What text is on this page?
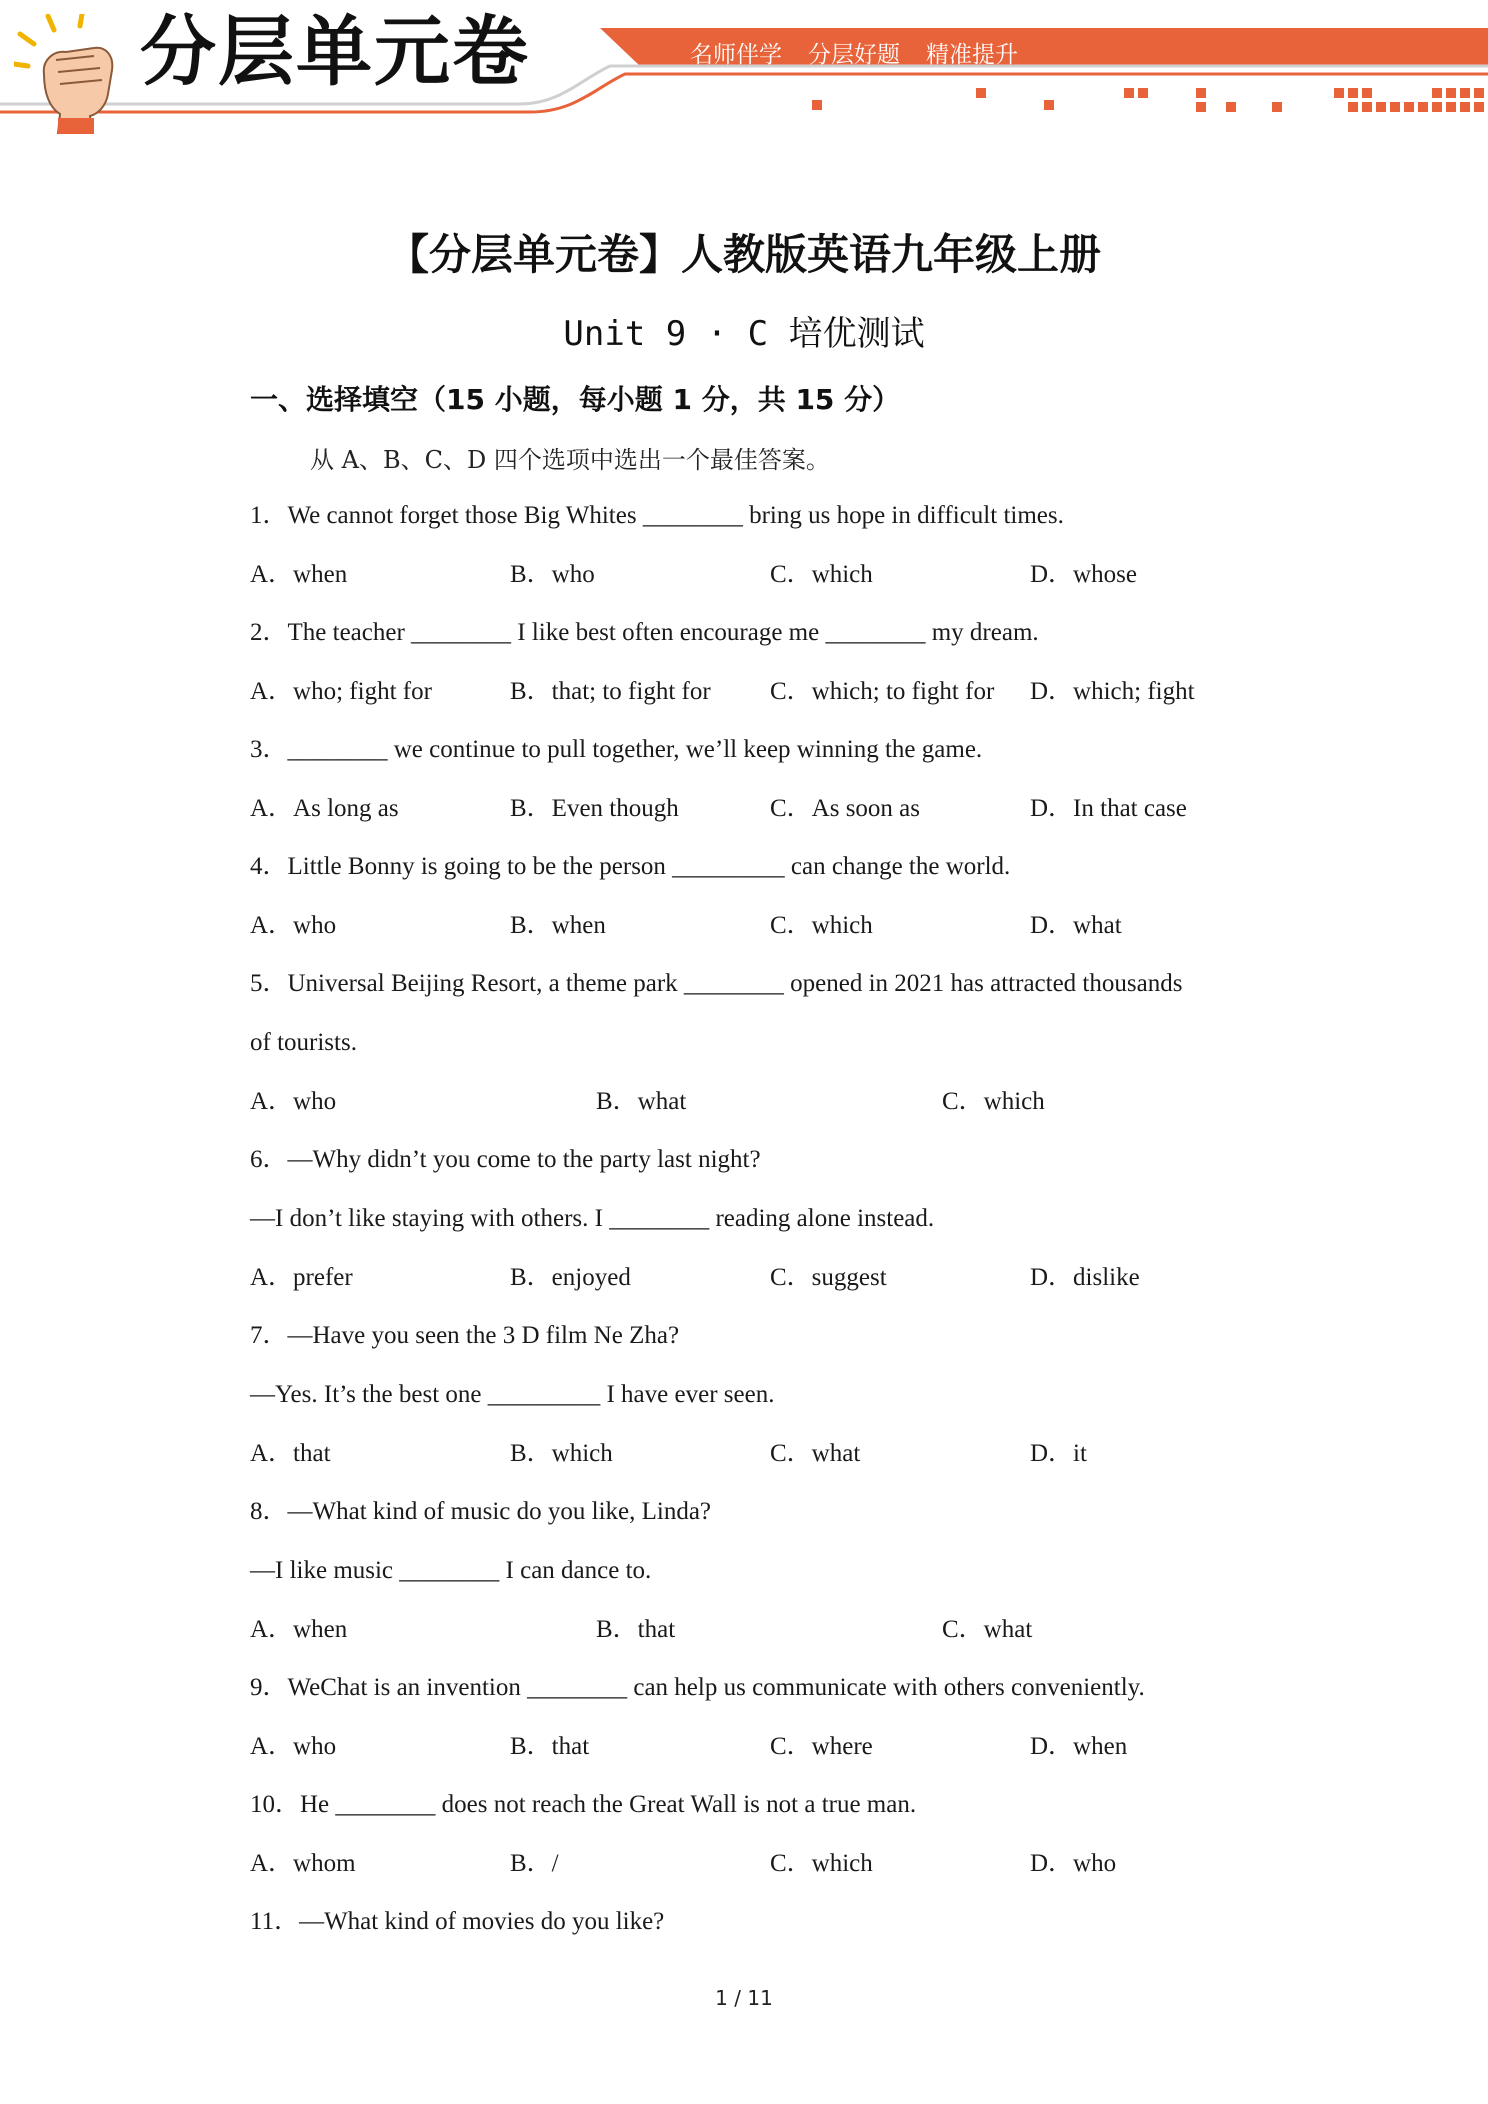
分层单元卷	名师伴学 分层好题 精准提升
【分层单元卷】人教版英语九年级上册
Unit 9 · C 培优测试
一、选择填空（15 小题，每小题 1 分，共 15 分）
从 A、B、C、D 四个选项中选出一个最佳答案。
1．We cannot forget those Big Whites ________ bring us hope in difficult times.
A．when	B．who	C．which	D．whose
2．The teacher ________ I like best often encourage me ________ my dream.
A．who; fight for	B．that; to fight for C．which; to fight for D．which; fight
3．________ we continue to pull together, we’ll keep winning the game.
A．As long as	B．Even though	C．As soon as	D．In that case
4．Little Bonny is going to be the person _________ can change the world.
A．who	B．when	C．which	D．what
5．Universal Beijing Resort, a theme park ________ opened in 2021 has attracted thousands
of tourists.
A．who	B．what	C．which
6．—Why didn’t you come to the party last night?
—I don’t like staying with others. I ________ reading alone instead.
A．prefer	B．enjoyed	C．suggest	D．dislike
7．—Have you seen the 3 D film Ne Zha?
—Yes. It’s the best one _________ I have ever seen.
A．that	B．which	C．what	D．it
8．—What kind of music do you like, Linda?
—I like music ________ I can dance to.
A．when	B．that	C．what
9．WeChat is an invention ________ can help us communicate with others conveniently.
A．who	B．that	C．where	D．when
10．He ________ does not reach the Great Wall is not a true man.
A．whom	B．/	C．which	D．who
11．—What kind of movies do you like?
1 / 11
